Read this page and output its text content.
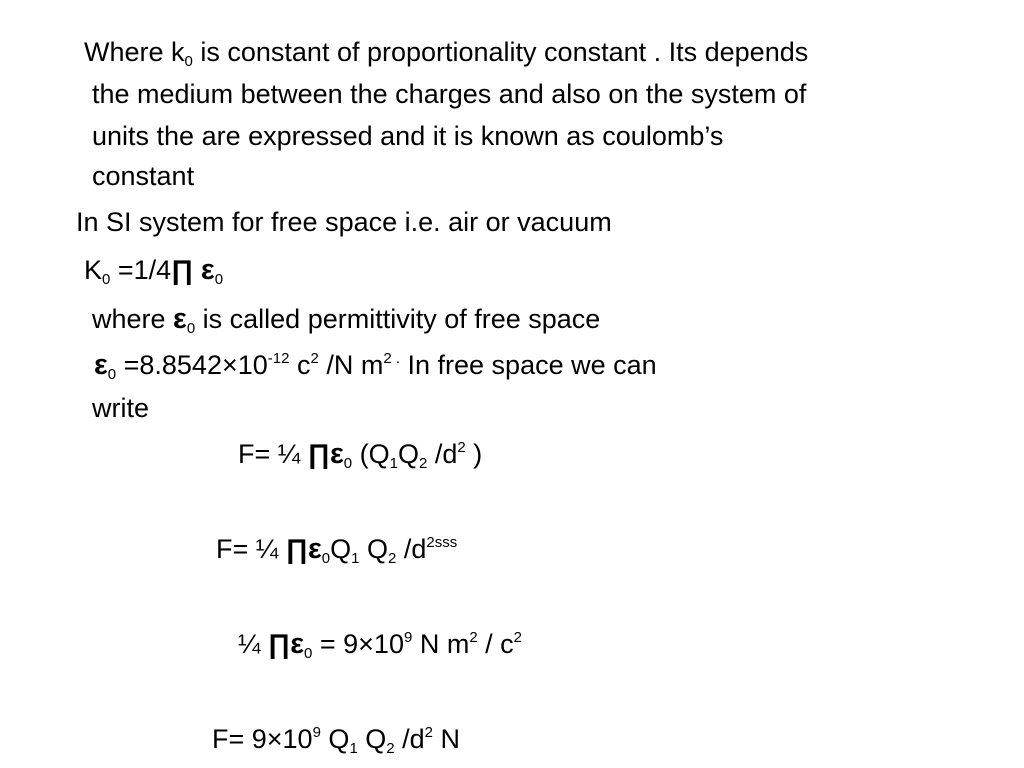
Where $k_0$ is constant of proportionality constant . Its depends
the medium between the charges and also on the system of
units the are expressed and it is known as coulomb’s
constant
In SI system for free space i.e. air or vacuum
$K_0$ =1/4∏ $\varepsilon_0$
where $\varepsilon_0$ is called permittivity of free space
$\varepsilon_0 =8.8542\times 10^{-12}$ $c^2$ /N $m^{2 .}$ In free space we can
write
F= ¼ $\prod\varepsilon_0$ ($Q_1Q_2$ $/d^2$ )
F= ¼ $\prod\varepsilon_0Q_1$ $Q_2$ $/d^{2sss}$
¼ $\prod\varepsilon_0 = 9\times 10^9$ N $m^2 / c^2$
$F= 9\times 10^9$ $Q_1$ $Q_2$ $/d^2$ N
